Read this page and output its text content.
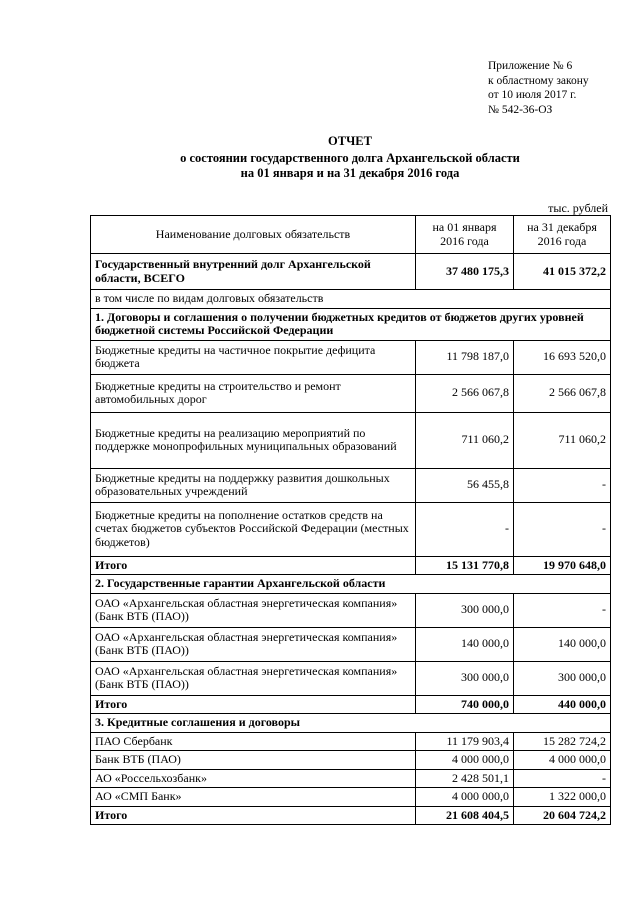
Приложение № 6
к областному закону
от 10 июля 2017 г.
№ 542-36-ОЗ
ОТЧЕТ
о состоянии государственного долга Архангельской области
на 01 января и на 31 декабря 2016 года
тыс. рублей
Наименование долговых обязательств	на 01 января 2016 года	на 31 декабря 2016 года
Государственный внутренний долг Архангельской области, ВСЕГО	37 480 175,3	41 015 372,2
в том числе по видам долговых обязательств		
1. Договоры и соглашения о получении бюджетных кредитов от бюджетов других уровней бюджетной системы Российской Федерации		
Бюджетные кредиты на частичное покрытие дефицита бюджета	11 798 187,0	16 693 520,0
Бюджетные кредиты на строительство и ремонт автомобильных дорог	2 566 067,8	2 566 067,8
Бюджетные кредиты на реализацию мероприятий по поддержке монопрофильных муниципальных образований	711 060,2	711 060,2
Бюджетные кредиты на поддержку развития дошкольных образовательных учреждений	56 455,8	-
Бюджетные кредиты на пополнение остатков средств на счетах бюджетов субъектов Российской Федерации (местных бюджетов)	-	-
Итого	15 131 770,8	19 970 648,0
2. Государственные гарантии Архангельской области		
ОАО «Архангельская областная энергетическая компания» (Банк ВТБ (ПАО))	300 000,0	-
ОАО «Архангельская областная энергетическая компания» (Банк ВТБ (ПАО))	140 000,0	140 000,0
ОАО «Архангельская областная энергетическая компания» (Банк ВТБ (ПАО))	300 000,0	300 000,0
Итого	740 000,0	440 000,0
3. Кредитные соглашения и договоры		
ПАО Сбербанк	11 179 903,4	15 282 724,2
Банк ВТБ (ПАО)	4 000 000,0	4 000 000,0
АО «Россельхозбанк»	2 428 501,1	-
АО «СМП Банк»	4 000 000,0	1 322 000,0
Итого	21 608 404,5	20 604 724,2
